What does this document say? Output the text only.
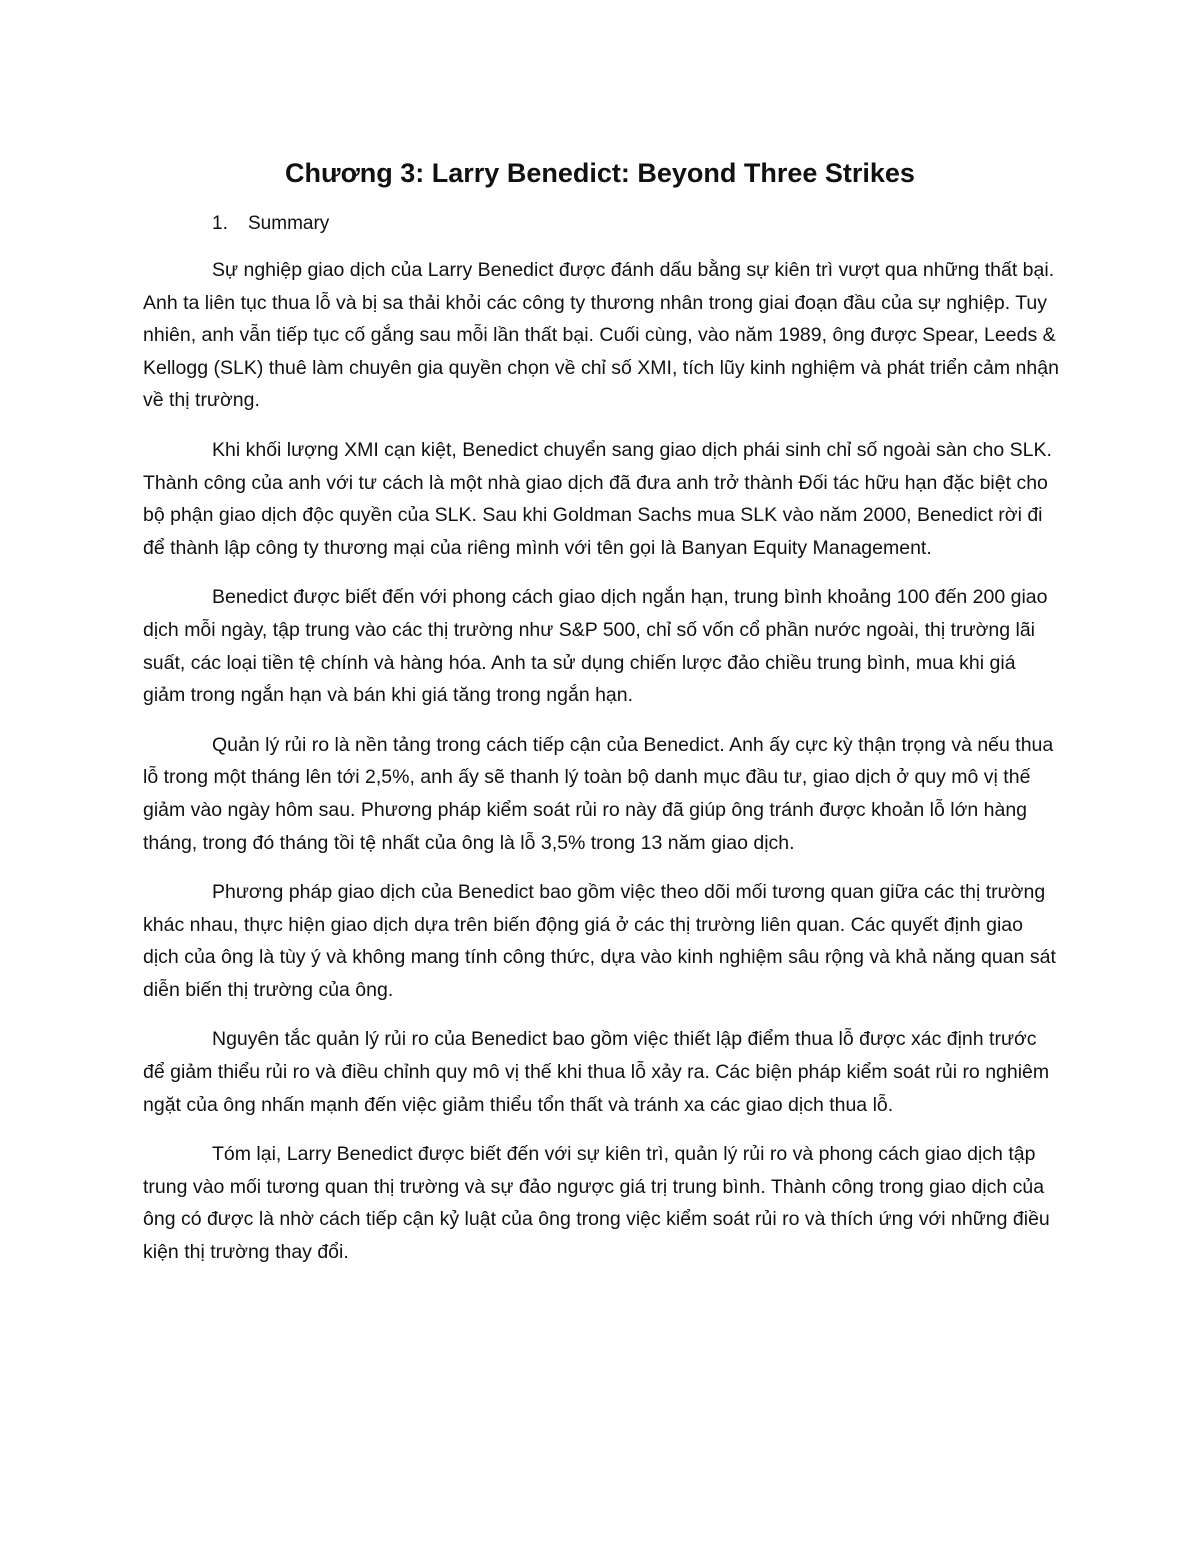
Chương 3: Larry Benedict: Beyond Three Strikes
1. Summary

Sự nghiệp giao dịch của Larry Benedict được đánh dấu bằng sự kiên trì vượt qua những thất bại. Anh ta liên tục thua lỗ và bị sa thải khỏi các công ty thương nhân trong giai đoạn đầu của sự nghiệp. Tuy nhiên, anh vẫn tiếp tục cố gắng sau mỗi lần thất bại. Cuối cùng, vào năm 1989, ông được Spear, Leeds & Kellogg (SLK) thuê làm chuyên gia quyền chọn về chỉ số XMI, tích lũy kinh nghiệm và phát triển cảm nhận về thị trường.

Khi khối lượng XMI cạn kiệt, Benedict chuyển sang giao dịch phái sinh chỉ số ngoài sàn cho SLK. Thành công của anh với tư cách là một nhà giao dịch đã đưa anh trở thành Đối tác hữu hạn đặc biệt cho bộ phận giao dịch độc quyền của SLK. Sau khi Goldman Sachs mua SLK vào năm 2000, Benedict rời đi để thành lập công ty thương mại của riêng mình với tên gọi là Banyan Equity Management.

Benedict được biết đến với phong cách giao dịch ngắn hạn, trung bình khoảng 100 đến 200 giao dịch mỗi ngày, tập trung vào các thị trường như S&P 500, chỉ số vốn cổ phần nước ngoài, thị trường lãi suất, các loại tiền tệ chính và hàng hóa. Anh ta sử dụng chiến lược đảo chiều trung bình, mua khi giá giảm trong ngắn hạn và bán khi giá tăng trong ngắn hạn.

Quản lý rủi ro là nền tảng trong cách tiếp cận của Benedict. Anh ấy cực kỳ thận trọng và nếu thua lỗ trong một tháng lên tới 2,5%, anh ấy sẽ thanh lý toàn bộ danh mục đầu tư, giao dịch ở quy mô vị thế giảm vào ngày hôm sau. Phương pháp kiểm soát rủi ro này đã giúp ông tránh được khoản lỗ lớn hàng tháng, trong đó tháng tồi tệ nhất của ông là lỗ 3,5% trong 13 năm giao dịch.

Phương pháp giao dịch của Benedict bao gồm việc theo dõi mối tương quan giữa các thị trường khác nhau, thực hiện giao dịch dựa trên biến động giá ở các thị trường liên quan. Các quyết định giao dịch của ông là tùy ý và không mang tính công thức, dựa vào kinh nghiệm sâu rộng và khả năng quan sát diễn biến thị trường của ông.

Nguyên tắc quản lý rủi ro của Benedict bao gồm việc thiết lập điểm thua lỗ được xác định trước để giảm thiểu rủi ro và điều chỉnh quy mô vị thế khi thua lỗ xảy ra. Các biện pháp kiểm soát rủi ro nghiêm ngặt của ông nhấn mạnh đến việc giảm thiểu tổn thất và tránh xa các giao dịch thua lỗ.

Tóm lại, Larry Benedict được biết đến với sự kiên trì, quản lý rủi ro và phong cách giao dịch tập trung vào mối tương quan thị trường và sự đảo ngược giá trị trung bình. Thành công trong giao dịch của ông có được là nhờ cách tiếp cận kỷ luật của ông trong việc kiểm soát rủi ro và thích ứng với những điều kiện thị trường thay đổi.
